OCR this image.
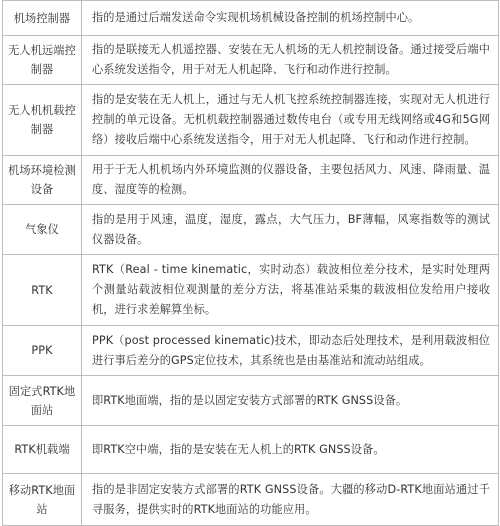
机场控制器	指的是通过后端发送命令实现机场机械设备控制的机场控制中心。
无人机远端控制器	指的是联接无人机遥控器、安装在无人机场的无人机控制设备。通过接受后端中心系统发送指令，用于对无人机起降、飞行和动作进行控制。
无人机机载控制器	指的是安装在无人机上，通过与无人机飞控系统控制器连接，实现对无人机进行控制的单元设备。无机机载控制器通过数传电台（或专用无线网络或4G和5G网络）接收后端中心系统发送指令，用于对无人机起降、飞行和动作进行控制。
机场环境检测设备	用于于无人机机场内外环境监测的仪器设备，主要包括风力、风速、降雨量、温度、湿度等的检测。
气象仪	指的是用于风速，温度，湿度，露点，大气压力，BF薄幅，风寒指数等的测试仪器设备。
RTK	RTK（Real - time kinematic，实时动态）载波相位差分技术，是实时处理两个测量站载波相位观测量的差分方法，将基准站采集的载波相位发给用户接收机，进行求差解算坐标。
PPK	PPK（post processed kinematic)技术，即动态后处理技术，是利用载波相位进行事后差分的GPS定位技术，其系统也是由基准站和流动站组成。
固定式RTK地面站	即RTK地面端，指的是以固定安装方式部署的RTK GNSS设备。
RTK机载端	即RTK空中端，指的是安装在无人机上的RTK GNSS设备。
移动RTK地面站	指的是非固定安装方式部署的RTK GNSS设备。大疆的移动D-RTK地面站通过千寻服务，提供实时的RTK地面站的功能应用。
